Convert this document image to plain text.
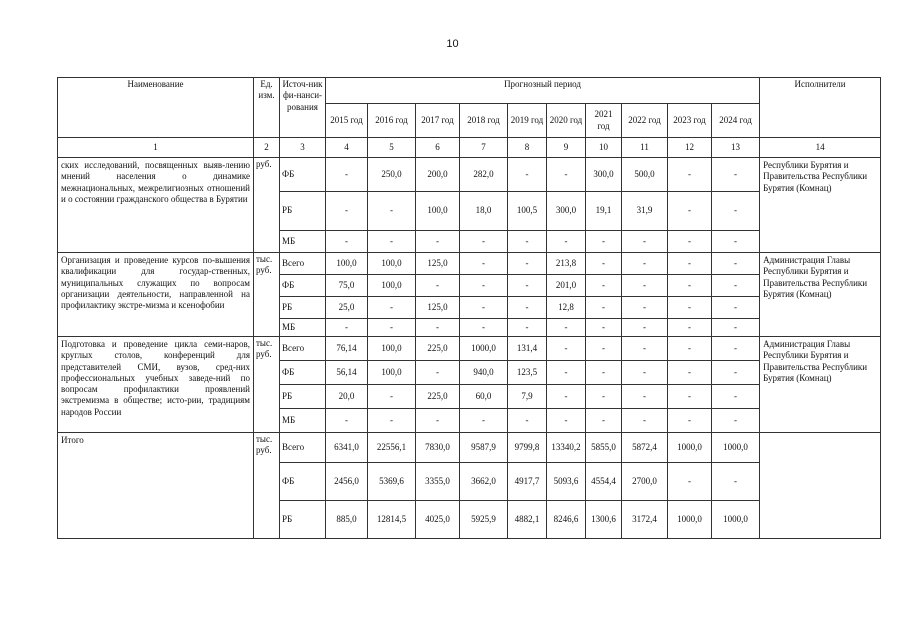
10
Наименование	Ед. изм.	Источ-ник фи-нанси-рования	Прогнозный период										Исполнители
			2015 год	2016 год	2017 год	2018 год	2019 год	2020 год	2021 год	2022 год	2023 год	2024 год	
1	2	3	4	5	6	7	8	9	10	11	12	13	14
ских исследований, посвященных выяв-лению мнений населения о динамике межнациональных, межрелигиозных отношений и о состоянии гражданского общества в Бурятии	руб.	ФБ	-	250,0	200,0	282,0	-	-	300,0	500,0	-	-	Республики Бурятия и Правительства Республики Бурятия (Комнац)
		РБ	-	-	100,0	18,0	100,5	300,0	19,1	31,9	-	-	
		МБ	-	-	-	-	-	-	-	-	-	-	
Организация и проведение курсов по-вышения квалификации для государ-ственных, муниципальных служащих по вопросам организации деятельности, направленной на профилактику экстре-мизма и ксенофобии	тыс. руб.	Всего	100,0	100,0	125,0	-	-	213,8	-	-	-	-	Администрация Главы Республики Бурятия и Правительства Республики Бурятия (Комнац)
		ФБ	75,0	100,0	-	-	-	201,0	-	-	-	-	
		РБ	25,0	-	125,0	-	-	12,8	-	-	-	-	
		МБ	-	-	-	-	-	-	-	-	-	-	
Подготовка и проведение цикла семи-наров, круглых столов, конференций для представителей СМИ, вузов, сред-них профессиональных учебных заведе-ний по вопросам профилактики проявлений экстремизма в обществе; исто-рии, традициям народов России	тыс. руб.	Всего	76,14	100,0	225,0	1000,0	131,4	-	-	-	-	-	Администрация Главы Республики Бурятия и Правительства Республики Бурятия (Комнац)
		ФБ	56,14	100,0	-	940,0	123,5	-	-	-	-	-	
		РБ	20,0	-	225,0	60,0	7,9	-	-	-	-	-	
		МБ	-	-	-	-	-	-	-	-	-	-	
Итого	тыс. руб.	Всего	6341,0	22556,1	7830,0	9587,9	9799,8	13340,2	5855,0	5872,4	1000,0	1000,0	
		ФБ	2456,0	5369,6	3355,0	3662,0	4917,7	5093,6	4554,4	2700,0	-	-	
		РБ	885,0	12814,5	4025,0	5925,9	4882,1	8246,6	1300,6	3172,4	1000,0	1000,0	
